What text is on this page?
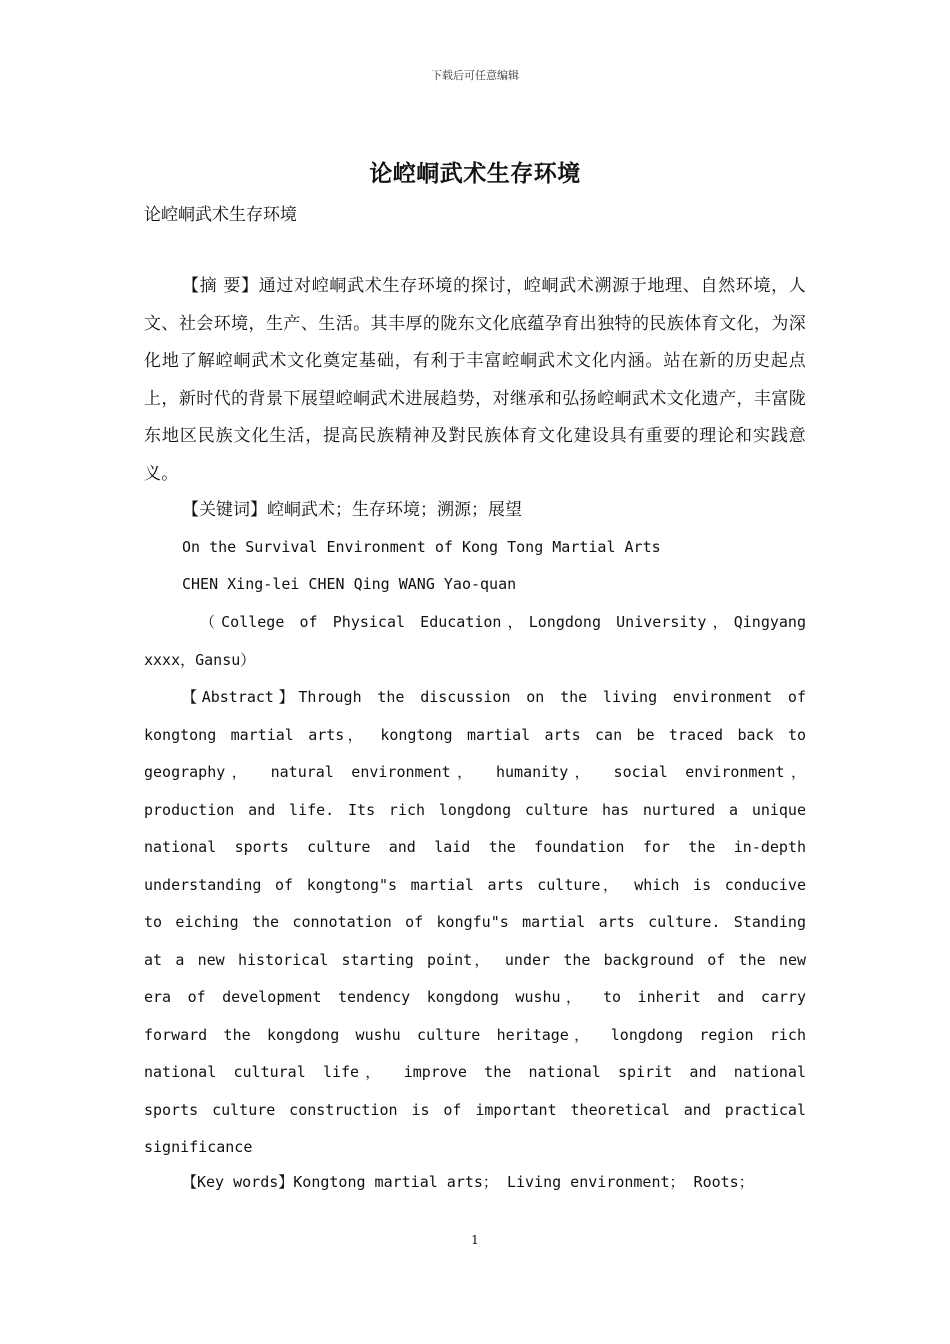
下载后可任意编辑
论崆峒武术生存环境
论崆峒武术生存环境

【摘 要】通过对崆峒武术生存环境的探讨，崆峒武术溯源于地理、自然环境，人文、社会环境，生产、生活。其丰厚的陇东文化底蕴孕育出独特的民族体育文化，为深化地了解崆峒武术文化奠定基础，有利于丰富崆峒武术文化内涵。站在新的历史起点上，新时代的背景下展望崆峒武术进展趋势，对继承和弘扬崆峒武术文化遗产，丰富陇东地区民族文化生活，提高民族精神及對民族体育文化建设具有重要的理论和实践意义。

【关键词】崆峒武术；生存环境；溯源；展望
On the Survival Environment of Kong Tong Martial Arts
CHEN Xing-lei CHEN Qing WANG Yao-quan

（College of Physical Education，Longdong University，Qingyang xxxx，Gansu）

【Abstract】Through the discussion on the living environment of kongtong martial arts， kongtong martial arts can be traced back to geography， natural environment， humanity， social environment， production and life. Its rich longdong culture has nurtured a unique national sports culture and laid the foundation for the in-depth understanding of kongtong"s martial arts culture， which is conducive to eiching the connotation of kongfu"s martial arts culture. Standing at a new historical starting point， under the background of the new era of development tendency kongdong wushu， to inherit and carry forward the kongdong wushu culture heritage， longdong region rich national cultural life， improve the national spirit and national sports culture construction is of important theoretical and practical significance

【Key words】Kongtong martial arts； Living environment； Roots；
1
